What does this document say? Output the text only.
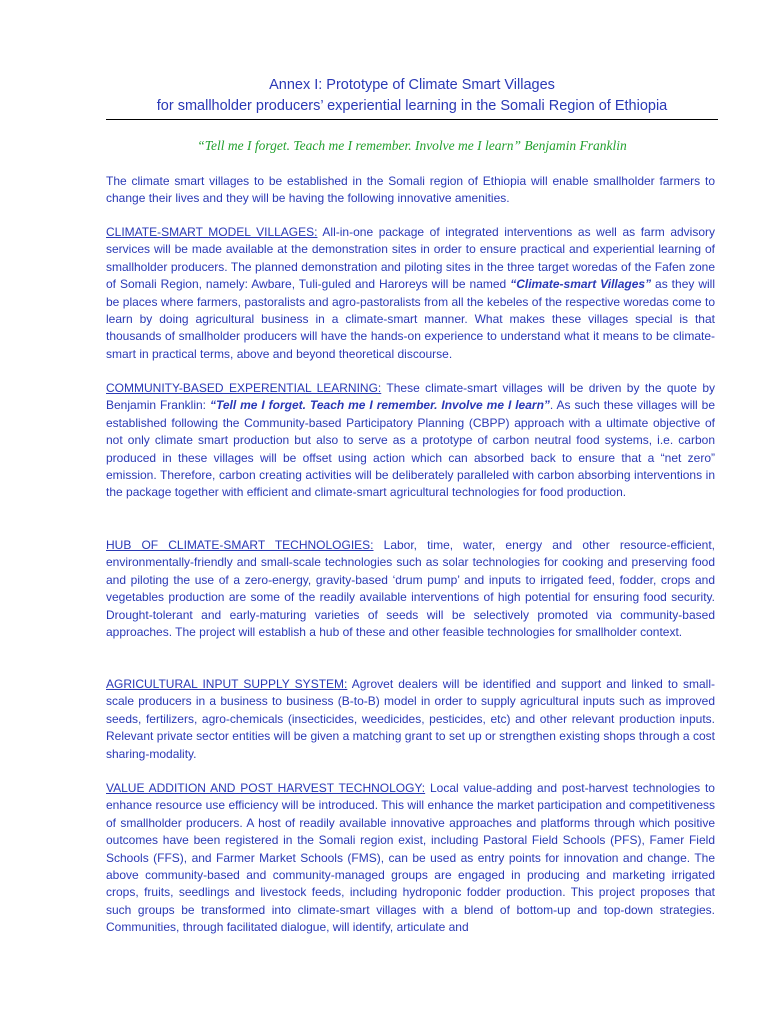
Annex I: Prototype of Climate Smart Villages
for smallholder producers’ experiential learning in the Somali Region of Ethiopia
“Tell me I forget. Teach me I remember. Involve me I learn” Benjamin Franklin

The climate smart villages to be established in the Somali region of Ethiopia will enable smallholder farmers to change their lives and they will be having the following innovative amenities.

CLIMATE-SMART MODEL VILLAGES: All-in-one package of integrated interventions as well as farm advisory services will be made available at the demonstration sites in order to ensure practical and experiential learning of smallholder producers. The planned demonstration and piloting sites in the three target woredas of the Fafen zone of Somali Region, namely: Awbare, Tuli-guled and Haroreys will be named “Climate-smart Villages” as they will be places where farmers, pastoralists and agro-pastoralists from all the kebeles of the respective woredas come to learn by doing agricultural business in a climate-smart manner. What makes these villages special is that thousands of smallholder producers will have the hands-on experience to understand what it means to be climate-smart in practical terms, above and beyond theoretical discourse.

COMMUNITY-BASED EXPERENTIAL LEARNING: These climate-smart villages will be driven by the quote by Benjamin Franklin: “Tell me I forget. Teach me I remember. Involve me I learn”. As such these villages will be established following the Community-based Participatory Planning (CBPP) approach with a ultimate objective of not only climate smart production but also to serve as a prototype of carbon neutral food systems, i.e. carbon produced in these villages will be offset using action which can absorbed back to ensure that a “net zero” emission. Therefore, carbon creating activities will be deliberately paralleled with carbon absorbing interventions in the package together with efficient and climate-smart agricultural technologies for food production.

HUB OF CLIMATE-SMART TECHNOLOGIES: Labor, time, water, energy and other resource-efficient, environmentally-friendly and small-scale technologies such as solar technologies for cooking and preserving food and piloting the use of a zero-energy, gravity-based ‘drum pump’ and inputs to irrigated feed, fodder, crops and vegetables production are some of the readily available interventions of high potential for ensuring food security. Drought-tolerant and early-maturing varieties of seeds will be selectively promoted via community-based approaches. The project will establish a hub of these and other feasible technologies for smallholder context.

AGRICULTURAL INPUT SUPPLY SYSTEM: Agrovet dealers will be identified and support and linked to small-scale producers in a business to business (B-to-B) model in order to supply agricultural inputs such as improved seeds, fertilizers, agro-chemicals (insecticides, weedicides, pesticides, etc) and other relevant production inputs. Relevant private sector entities will be given a matching grant to set up or strengthen existing shops through a cost sharing-modality.

VALUE ADDITION AND POST HARVEST TECHNOLOGY: Local value-adding and post-harvest technologies to enhance resource use efficiency will be introduced. This will enhance the market participation and competitiveness of smallholder producers. A host of readily available innovative approaches and platforms through which positive outcomes have been registered in the Somali region exist, including Pastoral Field Schools (PFS), Famer Field Schools (FFS), and Farmer Market Schools (FMS), can be used as entry points for innovation and change. The above community-based and community-managed groups are engaged in producing and marketing irrigated crops, fruits, seedlings and livestock feeds, including hydroponic fodder production. This project proposes that such groups be transformed into climate-smart villages with a blend of bottom-up and top-down strategies. Communities, through facilitated dialogue, will identify, articulate and
